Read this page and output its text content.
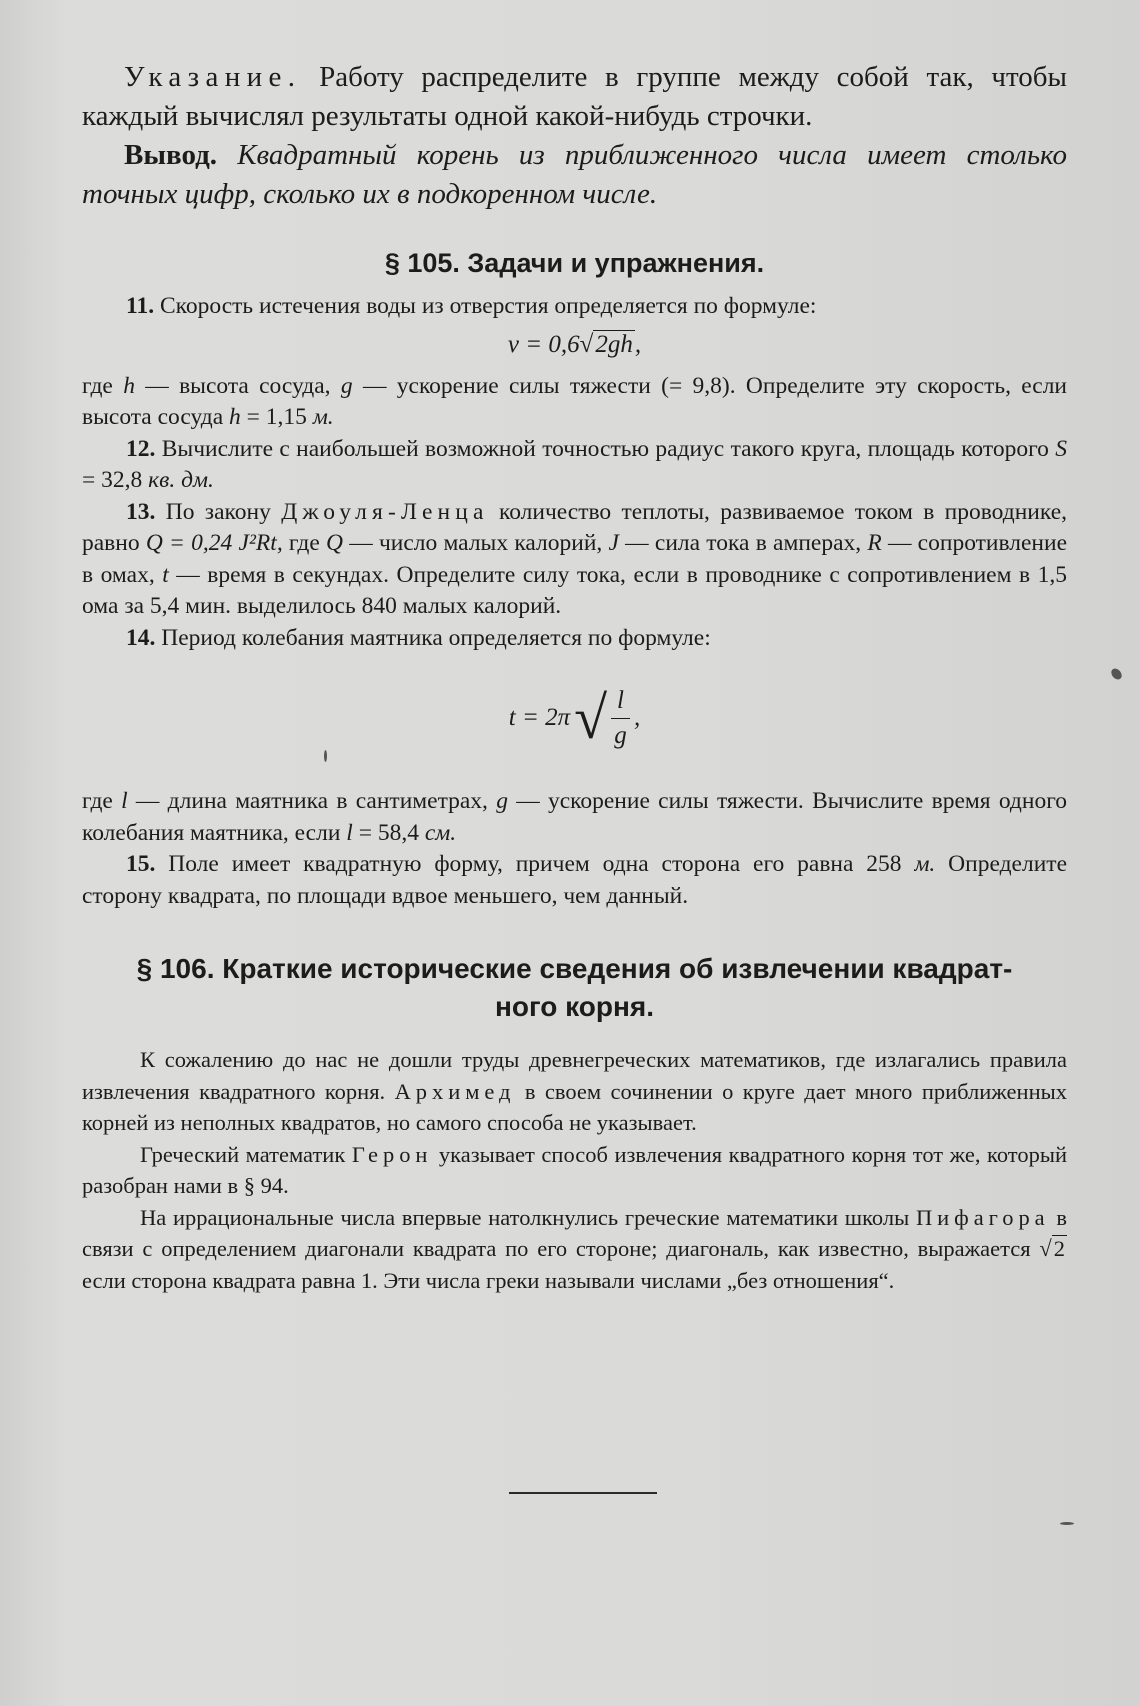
Указание. Работу распределите в группе между собой так, чтобы каждый вычислял результаты одной какой-нибудь строчки.

Вывод. Квадратный корень из приближенного числа имеет столько точных цифр, сколько их в подкоренном числе.

§ 105. Задачи и упражнения.

11. Скорость истечения воды из отверстия определяется по формуле:

v = 0,6√2gh,

где h — высота сосуда, g — ускорение силы тяжести (= 9,8). Определите эту скорость, если высота сосуда h = 1,15 м.

12. Вычислите с наибольшей возможной точностью радиус такого круга, площадь которого S = 32,8 кв. дм.

13. По закону Джоуля-Ленца количество теплоты, развиваемое током в проводнике, равно Q = 0,24 J²Rt, где Q — число малых калорий, J — сила тока в амперах, R — сопротивление в омах, t — время в секундах. Определите силу тока, если в проводнике с сопротивлением в 1,5 ома за 5,4 мин. выделилось 840 малых калорий.

14. Период колебания маятника определяется по формуле:

t = 2π √ $\frac{l}{g}$ ,

где l — длина маятника в сантиметрах, g — ускорение силы тяжести. Вычислите время одного колебания маятника, если l = 58,4 см.

15. Поле имеет квадратную форму, причем одна сторона его равна 258 м. Определите сторону квадрата, по площади вдвое меньшего, чем данный.

§ 106. Краткие исторические сведения об извлечении квадрат-
ного корня.

К сожалению до нас не дошли труды древнегреческих математиков, где излагались правила извлечения квадратного корня. Архимед в своем сочинении о круге дает много приближенных корней из неполных квадратов, но самого способа не указывает.

Греческий математик Герон указывает способ извлечения квадратного корня тот же, который разобран нами в § 94.

На иррациональные числа впервые натолкнулись греческие математики школы Пифагора в связи с определением диагонали квадрата по его стороне; диагональ, как известно, выражается √2 если сторона квадрата равна 1. Эти числа греки называли числами „без отношения“.
